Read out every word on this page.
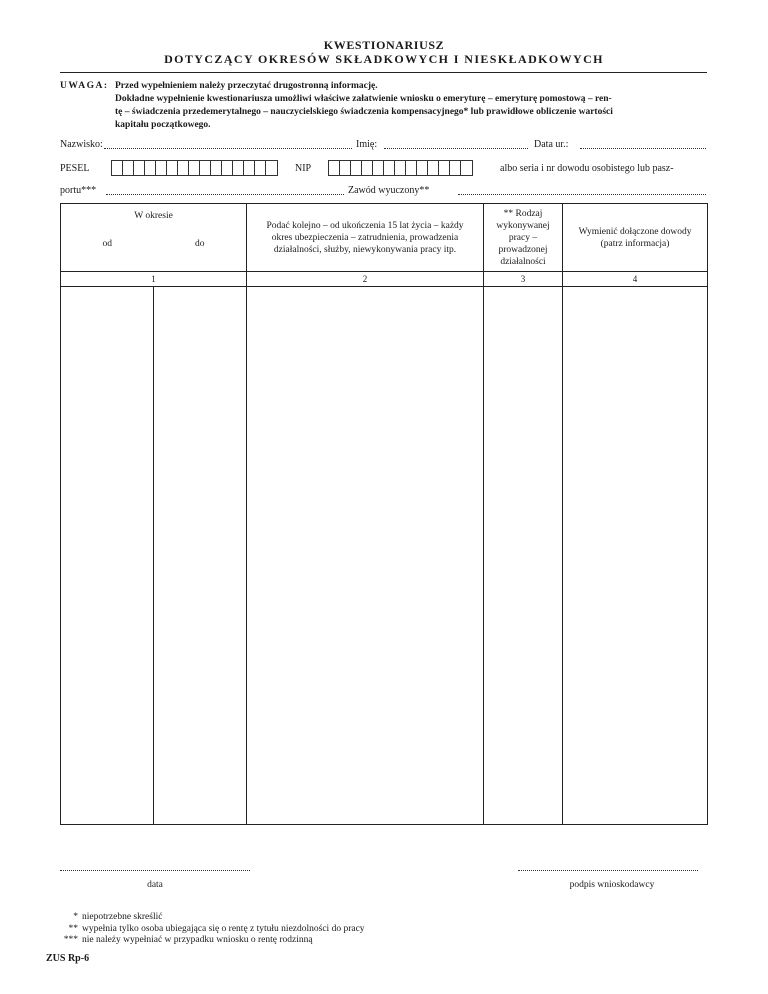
KWESTIONARIUSZ
DOTYCZĄCY OKRESÓW SKŁADKOWYCH I NIESKŁADKOWYCH
UWAGA: Przed wypełnieniem należy przeczytać drugostronną informację.
Dokładne wypełnienie kwestionariusza umożliwi właściwe załatwienie wniosku o emeryturę – emeryturę pomostową – ren-
tę – świadczenia przedemerytalnego – nauczycielskiego świadczenia kompensacyjnego* lub prawidłowe obliczenie wartości
kapitału początkowego.
Nazwisko:	Imię:	Data ur.:
PESEL	NIP	albo seria i nr dowodu osobistego lub pasz-
portu***	Zawód wyuczony**
W okresie
od do		Podać kolejno – od ukończenia 15 lat życia – każdy okres ubezpieczenia – zatrudnienia, prowadzenia działalności, służby, niewykonywania pracy itp.	** Rodzaj wykonywanej pracy – prowadzonej działalności	Wymienić dołączone dowody (patrz informacja)
1		2	3	4

data	podpis wnioskodawcy
* niepotrzebne skreślić
** wypełnia tylko osoba ubiegająca się o rentę z tytułu niezdolności do pracy
*** nie należy wypełniać w przypadku wniosku o rentę rodzinną
ZUS Rp-6
